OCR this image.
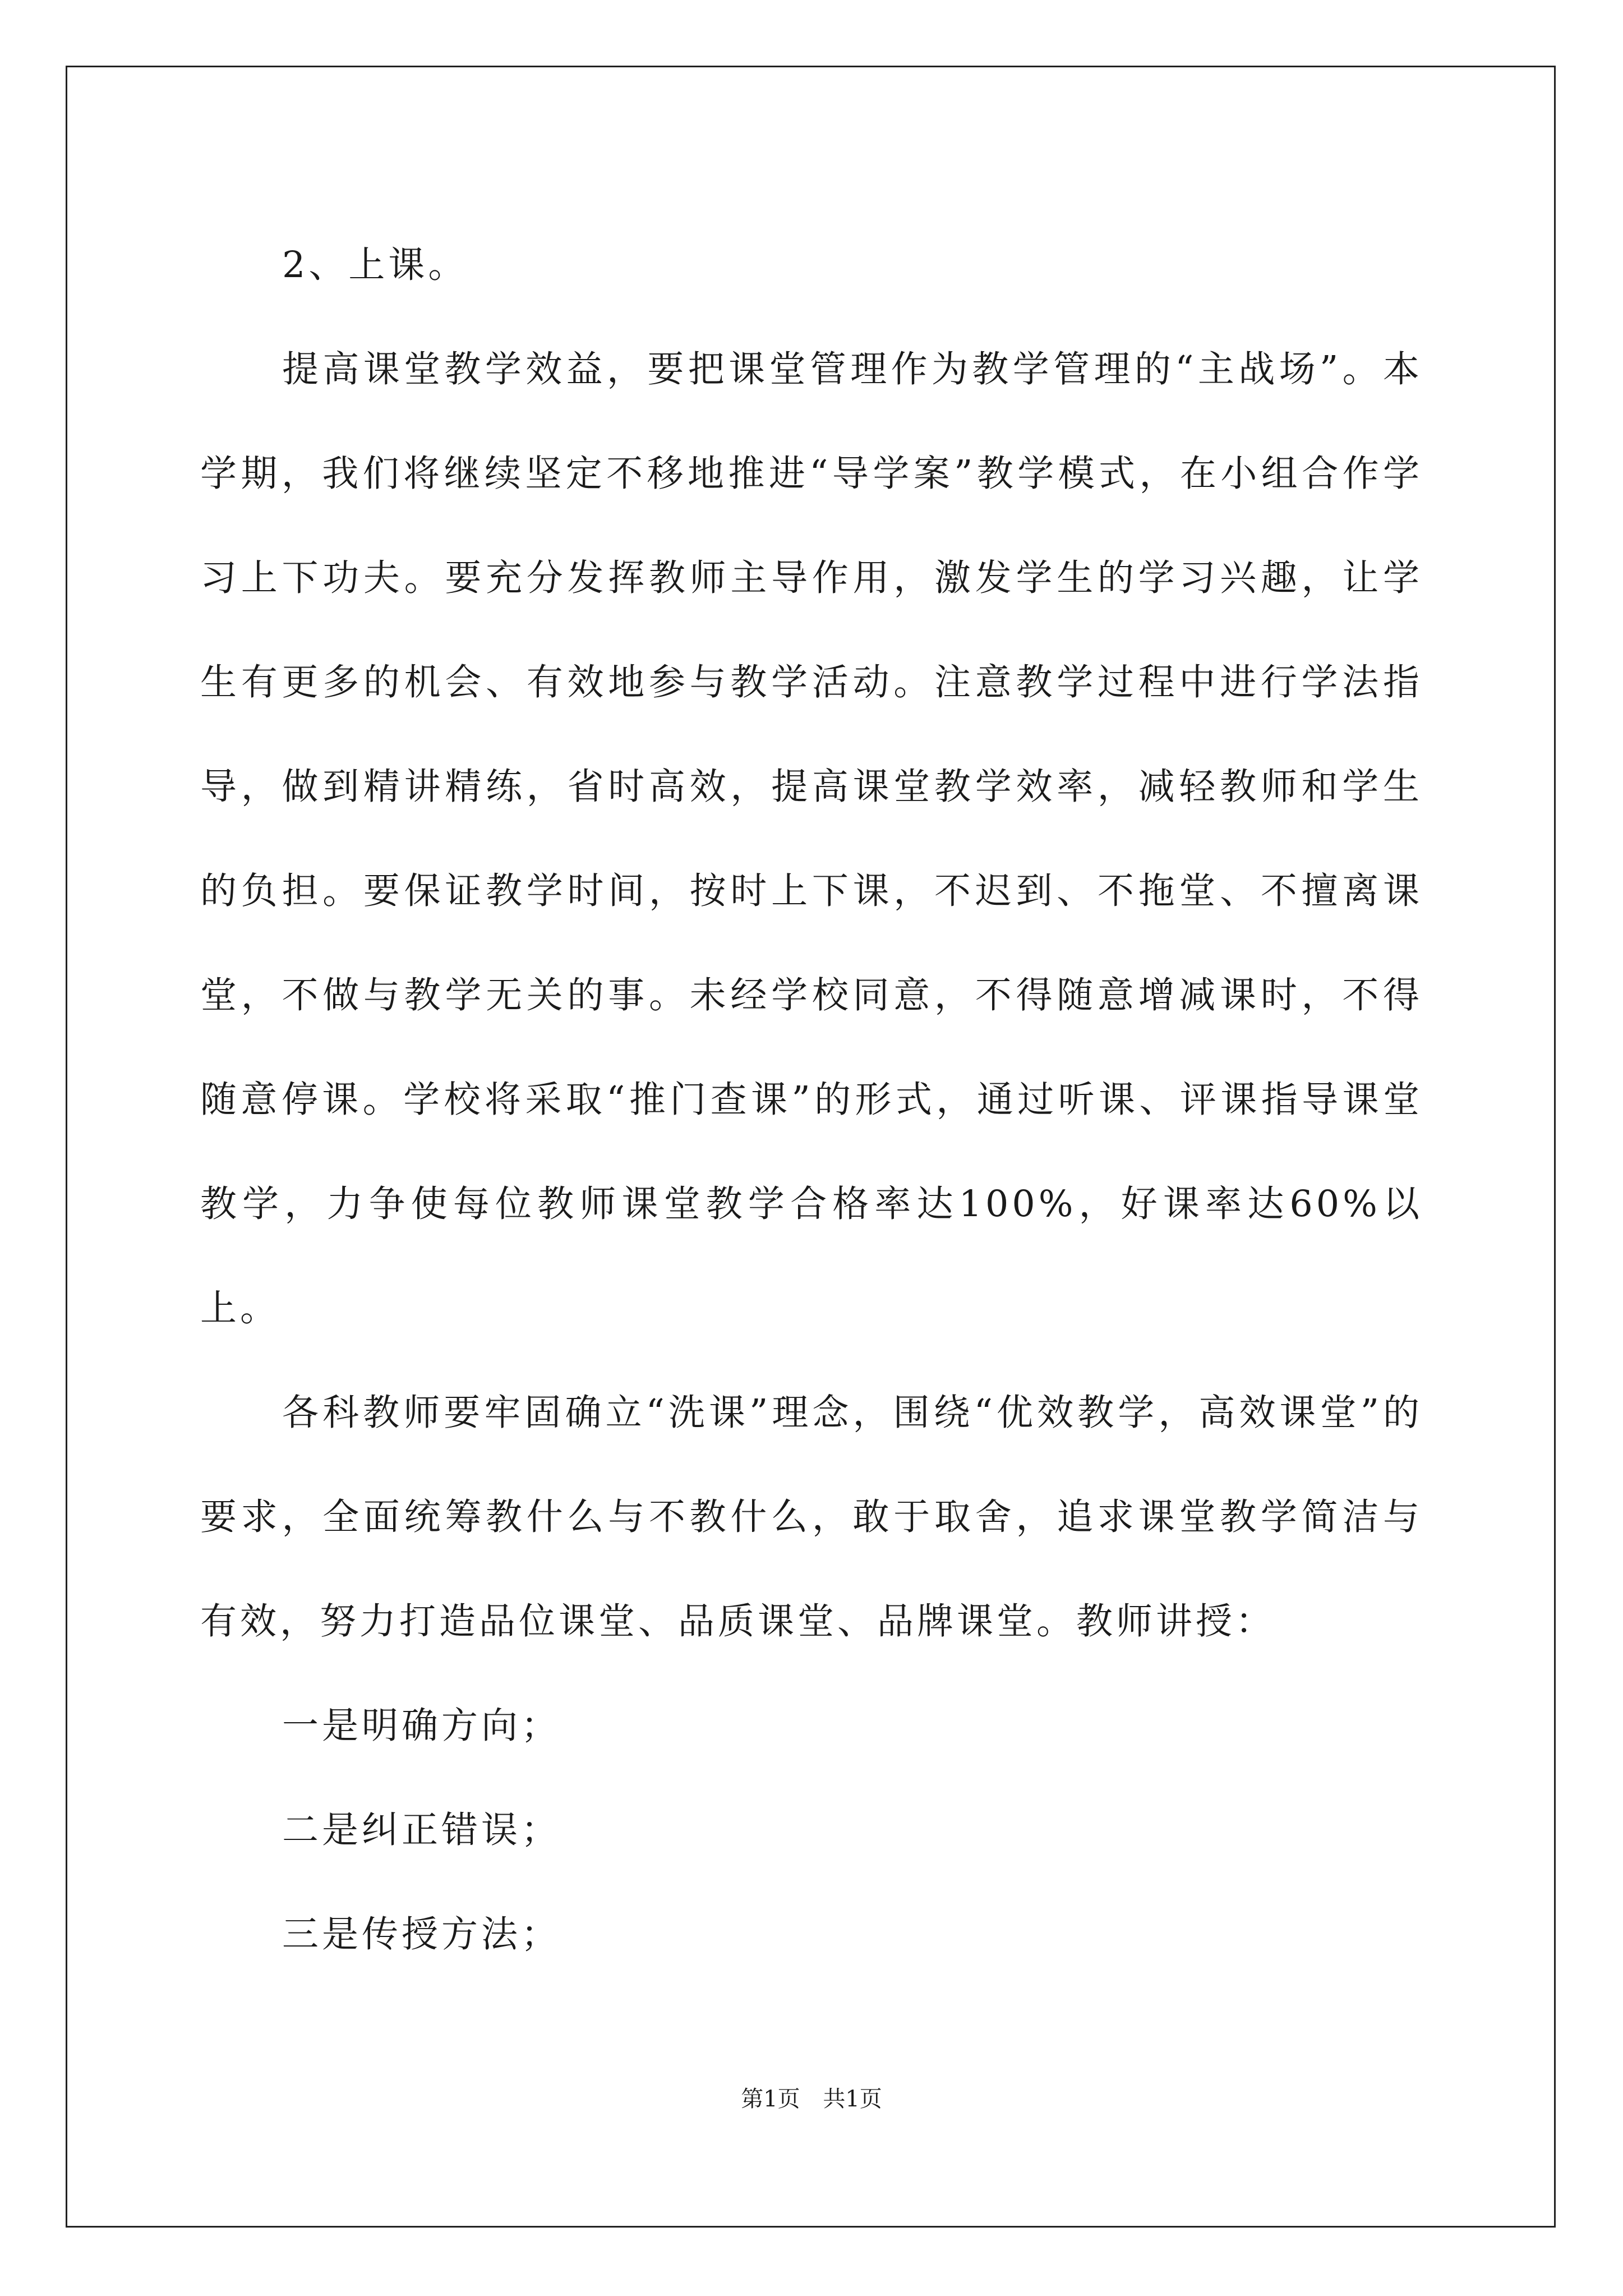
2、上课。

提高课堂教学效益，要把课堂管理作为教学管理的“主战场”。本学期，我们将继续坚定不移地推进“导学案”教学模式，在小组合作学习上下功夫。要充分发挥教师主导作用，激发学生的学习兴趣，让学生有更多的机会、有效地参与教学活动。注意教学过程中进行学法指导，做到精讲精练，省时高效，提高课堂教学效率，减轻教师和学生的负担。要保证教学时间，按时上下课，不迟到、不拖堂、不擅离课堂，不做与教学无关的事。未经学校同意，不得随意增减课时，不得随意停课。学校将采取“推门查课”的形式，通过听课、评课指导课堂教学，力争使每位教师课堂教学合格率达100%，好课率达60%以上。

各科教师要牢固确立“洗课”理念，围绕“优效教学，高效课堂”的要求，全面统筹教什么与不教什么，敢于取舍，追求课堂教学简洁与有效，努力打造品位课堂、品质课堂、品牌课堂。教师讲授：

一是明确方向；

二是纠正错误；

三是传授方法；

第1页 共1页
